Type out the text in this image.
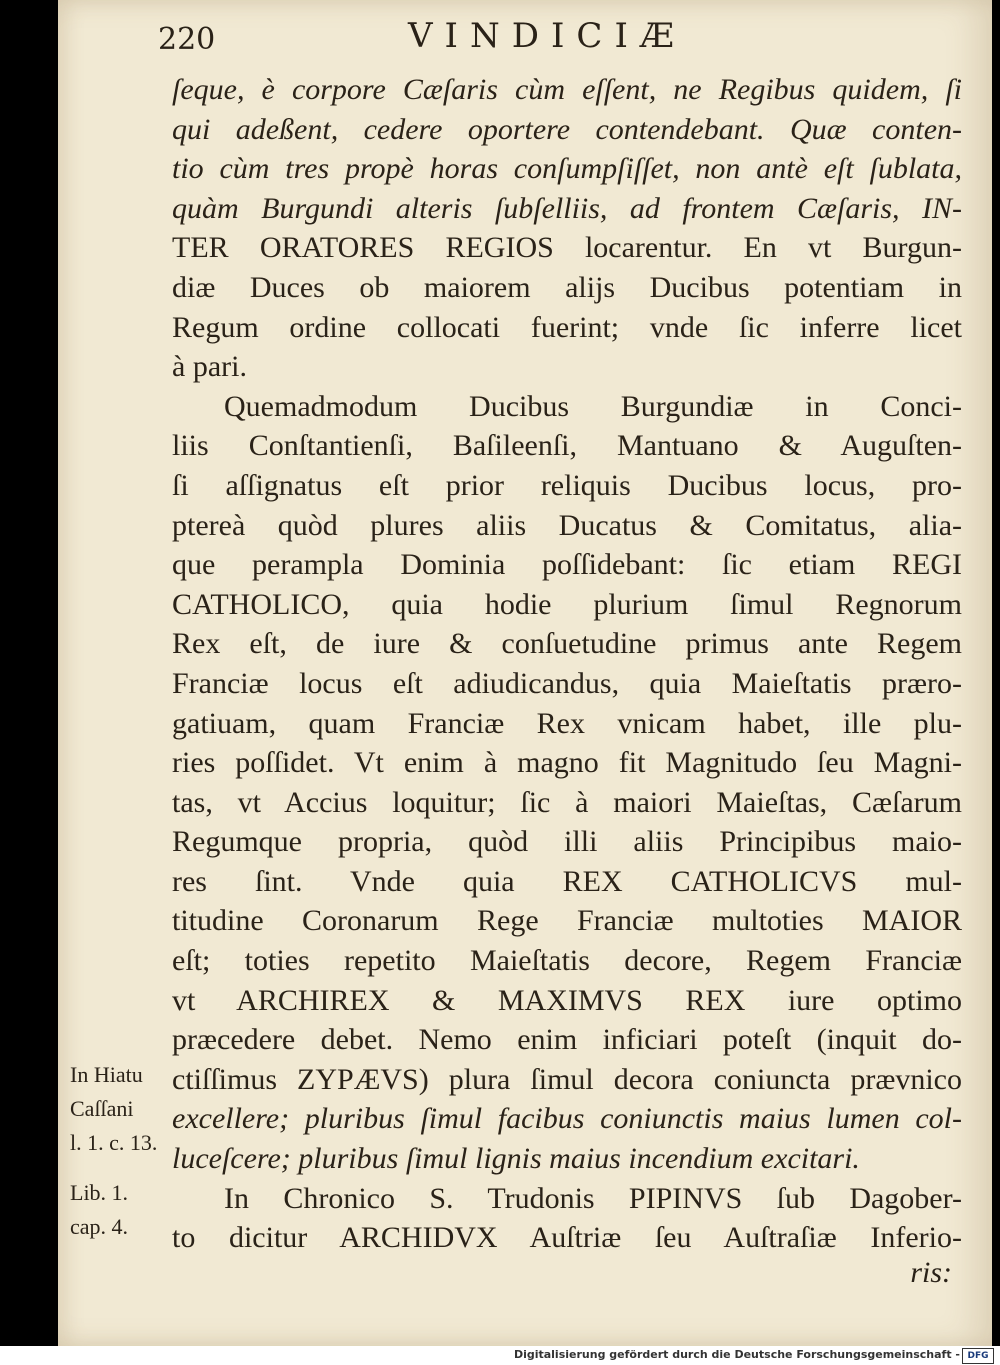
220	VINDICIÆ
ſeque, è corpore Cæſaris cùm eſſent, ne Regibus quidem, ſi
qui adeßent, cedere oportere contendebant. Quæ conten-
tio cùm tres propè horas conſumpſiſſet, non antè eſt ſublata,
quàm Burgundi alteris ſubſelliis, ad frontem Cæſaris, IN-
TER ORATORES REGIOS locarentur. En vt Burgun-
diæ Duces ob maiorem alijs Ducibus potentiam in
Regum ordine collocati fuerint; vnde ſic inferre licet
à pari.
Quemadmodum Ducibus Burgundiæ in Conci-
liis Conſtantienſi, Baſileenſi, Mantuano & Auguſten-
ſi aſſignatus eſt prior reliquis Ducibus locus, pro-
ptereà quòd plures aliis Ducatus & Comitatus, alia-
que perampla Dominia poſſidebant: ſic etiam REGI
CATHOLICO, quia hodie plurium ſimul Regnorum
Rex eſt, de iure & conſuetudine primus ante Regem
Franciæ locus eſt adiudicandus, quia Maieſtatis prærо-
gatiuam, quam Franciæ Rex vnicam habet, ille plu-
ries poſſidet. Vt enim à magno fit Magnitudo ſeu Magni-
tas, vt Accius loquitur; ſic à maiori Maieſtas, Cæſarum
Regumque propria, quòd illi aliis Principibus maio-
res ſint. Vnde quia REX CATHOLICVS mul-
titudine Coronarum Rege Franciæ multoties MAIOR
eſt; toties repetito Maieſtatis decore, Regem Franciæ
vt ARCHIREX & MAXIMVS REX iure optimo
præcedere debet. Nemo enim inficiari poteſt (inquit do-
ctiſſimus ZYPÆVS) plura ſimul decora coniuncta prævnico
excellere; pluribus ſimul facibus coniunctis maius lumen col-
luceſcere; pluribus ſimul lignis maius incendium excitari.
In Chronico S. Trudonis PIPINVS ſub Dagober-
to dicitur ARCHIDVX Auſtriæ ſeu Auſtraſiæ Inferio-
In Hiatu
Caſſani
l. 1. c. 13.
Lib. 1.
cap. 4.
ris:
Digitalisierung gefördert durch die Deutsche Forschungsgemeinschaft - DFG
